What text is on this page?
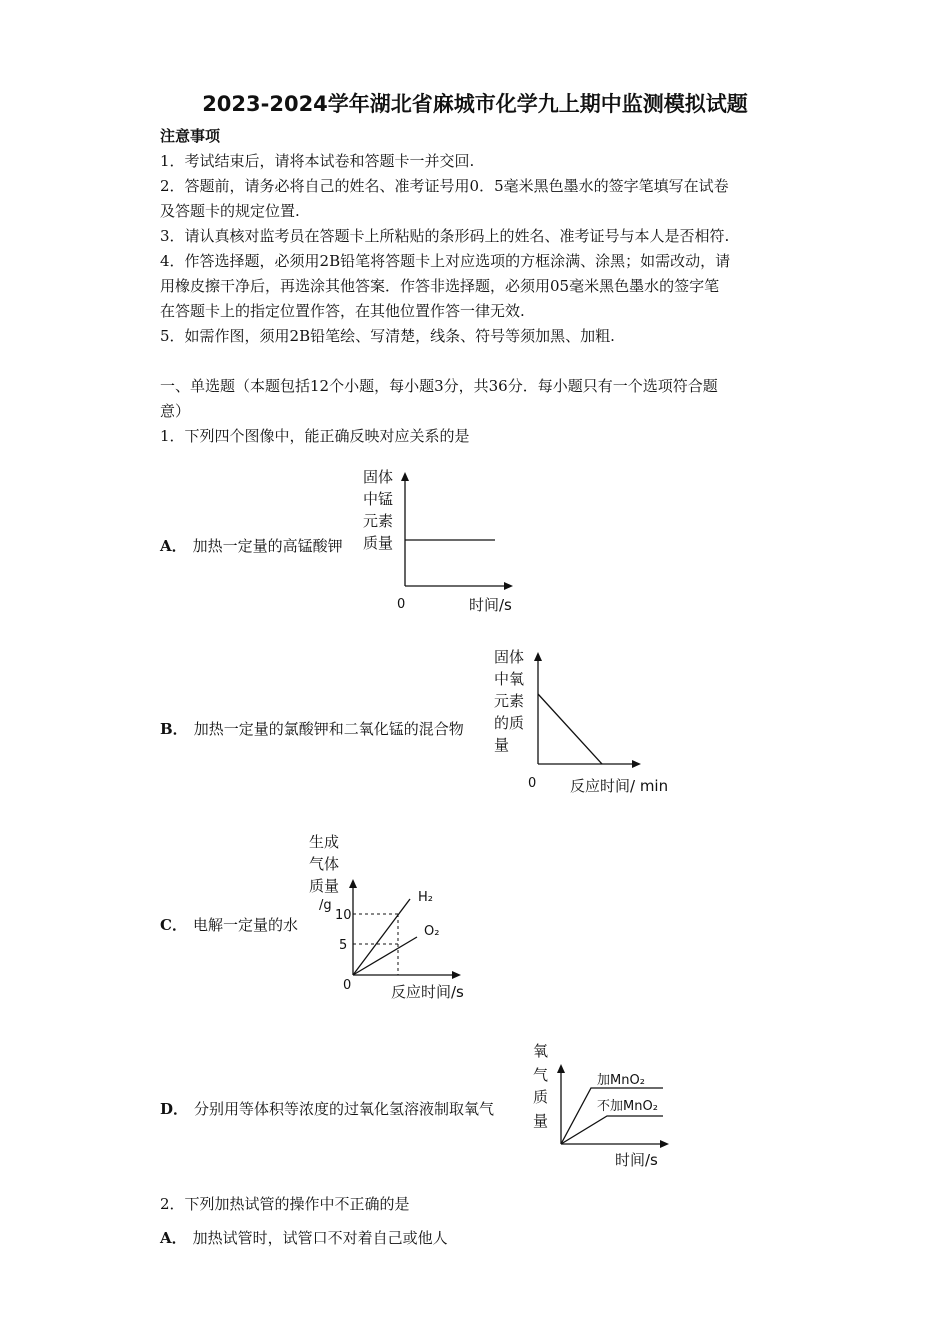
2023-2024学年湖北省麻城市化学九上期中监测模拟试题
注意事项
1．考试结束后，请将本试卷和答题卡一并交回.
2．答题前，请务必将自己的姓名、准考证号用0．5毫米黑色墨水的签字笔填写在试卷
及答题卡的规定位置.
3．请认真核对监考员在答题卡上所粘贴的条形码上的姓名、准考证号与本人是否相符.
4．作答选择题，必须用2B铅笔将答题卡上对应选项的方框涂满、涂黑；如需改动，请
用橡皮擦干净后，再选涂其他答案．作答非选择题，必须用05毫米黑色墨水的签字笔
在答题卡上的指定位置作答，在其他位置作答一律无效.
5．如需作图，须用2B铅笔绘、写清楚，线条、符号等须加黑、加粗.
一、单选题（本题包括12个小题，每小题3分，共36分．每小题只有一个选项符合题
意）
1．下列四个图像中，能正确反映对应关系的是
A． 加热一定量的高锰酸钾
固体
中锰
元素
质量
0	时间/s
B． 加热一定量的氯酸钾和二氧化锰的混合物
固体
中氧
元素
的质
量
0 反应时间/ min
C． 电解一定量的水
生成
气体
质量
/g
10
5
H₂
O₂
0	反应时间/s
D． 分别用等体积等浓度的过氧化氢溶液制取氧气
氧
气
质
量
加MnO₂
不加MnO₂
时间/s
2．下列加热试管的操作中不正确的是
A． 加热试管时，试管口不对着自己或他人
